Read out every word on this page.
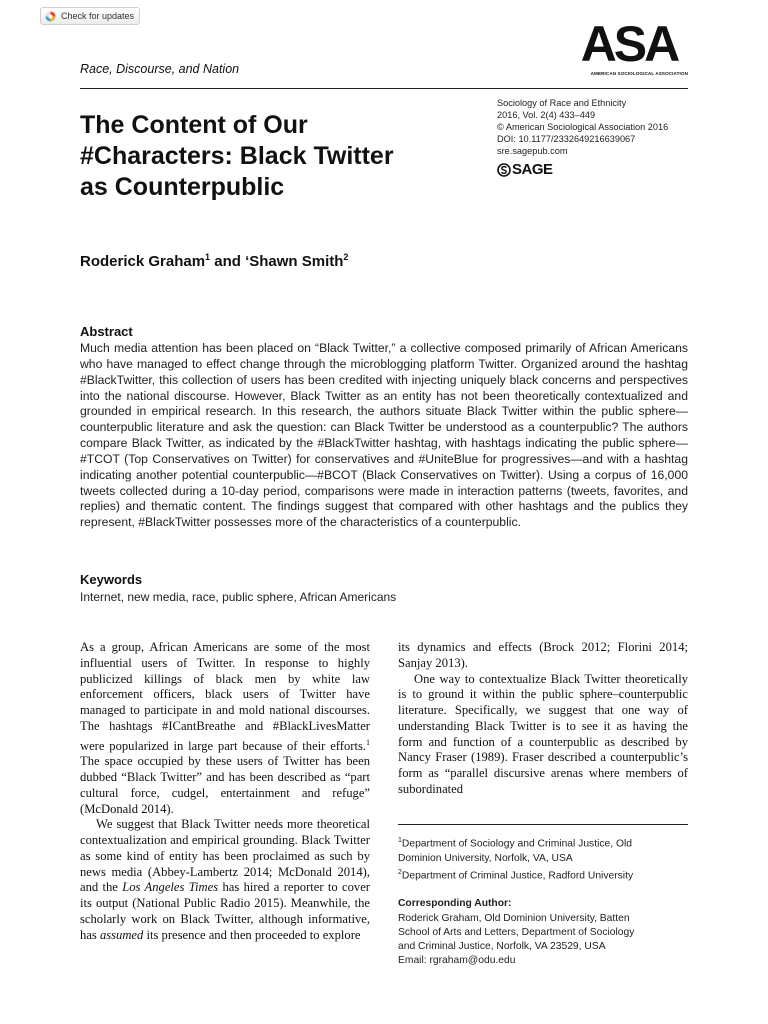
Check for updates
Race, Discourse, and Nation	ASA
AMERICAN SOCIOLOGICAL ASSOCIATION
Sociology of Race and Ethnicity
2016, Vol. 2(4) 433–449
© American Sociological Association 2016
DOI: 10.1177/2332649216639067
sre.sagepub.com
SAGE
The Content of Our
#Characters: Black Twitter
as Counterpublic
Roderick Graham$^1$ and ‘Shawn Smith$^2$
Abstract

Much media attention has been placed on “Black Twitter,” a collective composed primarily of African Americans who have managed to effect change through the microblogging platform Twitter. Organized around the hashtag #BlackTwitter, this collection of users has been credited with injecting uniquely black concerns and perspectives into the national discourse. However, Black Twitter as an entity has not been theoretically contextualized and grounded in empirical research. In this research, the authors situate Black Twitter within the public sphere—counterpublic literature and ask the question: can Black Twitter be understood as a counterpublic? The authors compare Black Twitter, as indicated by the #BlackTwitter hashtag, with hashtags indicating the public sphere—#TCOT (Top Conservatives on Twitter) for conservatives and #UniteBlue for progressives—and with a hashtag indicating another potential counterpublic—#BCOT (Black Conservatives on Twitter). Using a corpus of 16,000 tweets collected during a 10-day period, comparisons were made in interaction patterns (tweets, favorites, and replies) and thematic content. The findings suggest that compared with other hashtags and the publics they represent, #BlackTwitter possesses more of the characteristics of a counterpublic.

Keywords
Internet, new media, race, public sphere, African Americans

As a group, African Americans are some of the most influential users of Twitter. In response to highly publicized killings of black men by white law enforcement officers, black users of Twitter have managed to participate in and mold national discourses. The hashtags #ICantBreathe and #BlackLivesMatter were popularized in large part because of their efforts.$^1$ The space occupied by these users of Twitter has been dubbed “Black Twitter” and has been described as “part cultural force, cudgel, entertainment and refuge” (McDonald 2014).

We suggest that Black Twitter needs more theoretical contextualization and empirical grounding. Black Twitter as some kind of entity has been proclaimed as such by news media (Abbey-Lambertz 2014; McDonald 2014), and the Los Angeles Times has hired a reporter to cover its output (National Public Radio 2015). Meanwhile, the scholarly work on Black Twitter, although informative, has assumed its presence and then proceeded to explore

its dynamics and effects (Brock 2012; Florini 2014; Sanjay 2013).

One way to contextualize Black Twitter theoretically is to ground it within the public sphere–counterpublic literature. Specifically, we suggest that one way of understanding Black Twitter is to see it as having the form and function of a counterpublic as described by Nancy Fraser (1989). Fraser described a counterpublic’s form as “parallel discursive arenas where members of subordinated

$^1$Department of Sociology and Criminal Justice, Old
Dominion University, Norfolk, VA, USA
$^2$Department of Criminal Justice, Radford University
Corresponding Author:
Roderick Graham, Old Dominion University, Batten
School of Arts and Letters, Department of Sociology
and Criminal Justice, Norfolk, VA 23529, USA
Email: rgraham@odu.edu
